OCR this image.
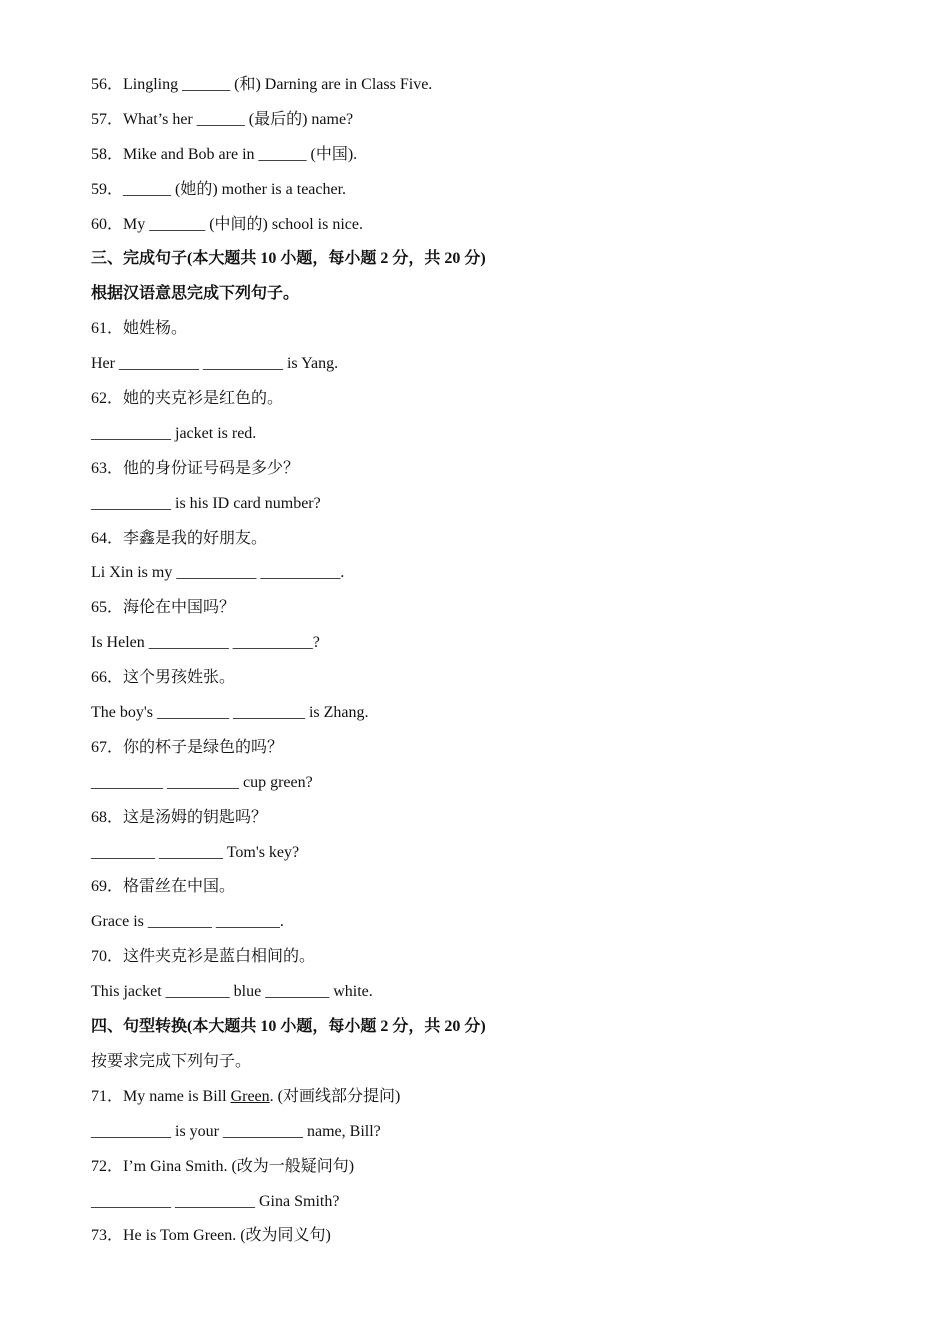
56．Lingling ______ (和) Darning are in Class Five.
57．What’s her ______ (最后的) name?
58．Mike and Bob are in ______ (中国).
59．______ (她的) mother is a teacher.
60．My _______ (中间的) school is nice.
三、完成句子(本大题共 10 小题，每小题 2 分，共 20 分)
根据汉语意思完成下列句子。
61．她姓杨。
Her __________ __________ is Yang.
62．她的夹克衫是红色的。
__________ jacket is red.
63．他的身份证号码是多少？
__________ is his ID card number?
64．李鑫是我的好朋友。
Li Xin is my __________ __________.
65．海伦在中国吗？
Is Helen __________ __________?
66．这个男孩姓张。
The boy's _________ _________ is Zhang.
67．你的杯子是绿色的吗？
_________ _________ cup green?
68．这是汤姆的钥匙吗？
________ ________ Tom's key?
69．格雷丝在中国。
Grace is ________ ________.
70．这件夹克衫是蓝白相间的。
This jacket ________ blue ________ white.
四、句型转换(本大题共 10 小题，每小题 2 分，共 20 分)
按要求完成下列句子。
71．My name is Bill Green. (对画线部分提问)
__________ is your __________ name, Bill?
72．I’m Gina Smith. (改为一般疑问句)
__________ __________ Gina Smith?
73．He is Tom Green. (改为同义句)
